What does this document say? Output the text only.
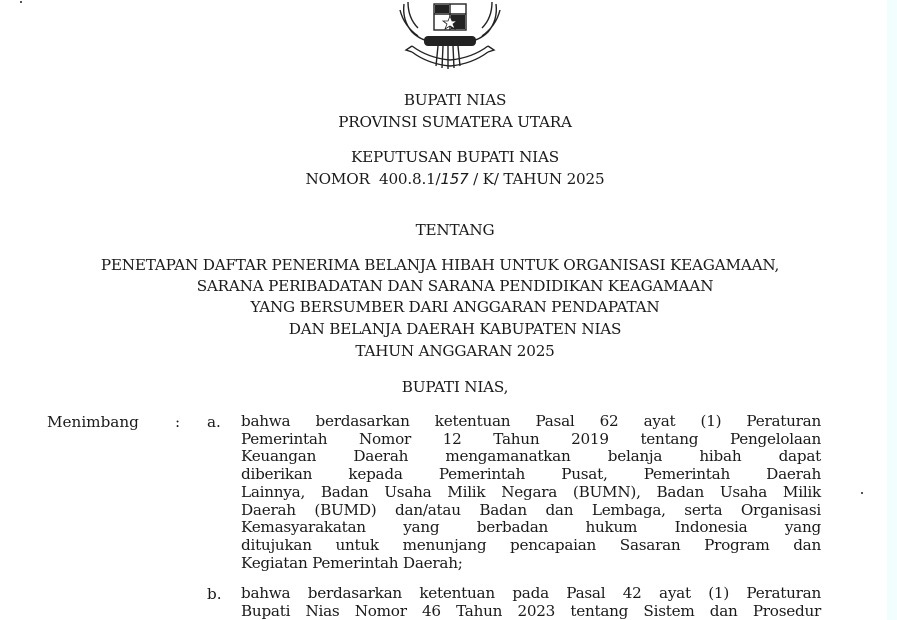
BUPATI NIAS
PROVINSI SUMATERA UTARA
KEPUTUSAN BUPATI NIAS
NOMOR  400.8.1/157 / K/ TAHUN 2025
TENTANG
PENETAPAN DAFTAR PENERIMA BELANJA HIBAH UNTUK ORGANISASI KEAGAMAAN,
SARANA PERIBADATAN DAN SARANA PENDIDIKAN KEAGAMAAN
YANG BERSUMBER DARI ANGGARAN PENDAPATAN
DAN BELANJA DAERAH KABUPATEN NIAS
TAHUN ANGGARAN 2025
BUPATI NIAS,
Menimbang : a. bahwa berdasarkan ketentuan Pasal 62 ayat (1) Peraturan
Pemerintah Nomor 12 Tahun 2019 tentang Pengelolaan
Keuangan Daerah mengamanatkan belanja hibah dapat
diberikan kepada Pemerintah Pusat, Pemerintah Daerah
Lainnya, Badan Usaha Milik Negara (BUMN), Badan Usaha Milik
Daerah (BUMD) dan/atau Badan dan Lembaga, serta Organisasi
Kemasyarakatan yang berbadan hukum Indonesia yang
ditujukan untuk menunjang pencapaian Sasaran Program dan
Kegiatan Pemerintah Daerah;
b. bahwa berdasarkan ketentuan pada Pasal 42 ayat (1) Peraturan
Bupati Nias Nomor 46 Tahun 2023 tentang Sistem dan Prosedur
